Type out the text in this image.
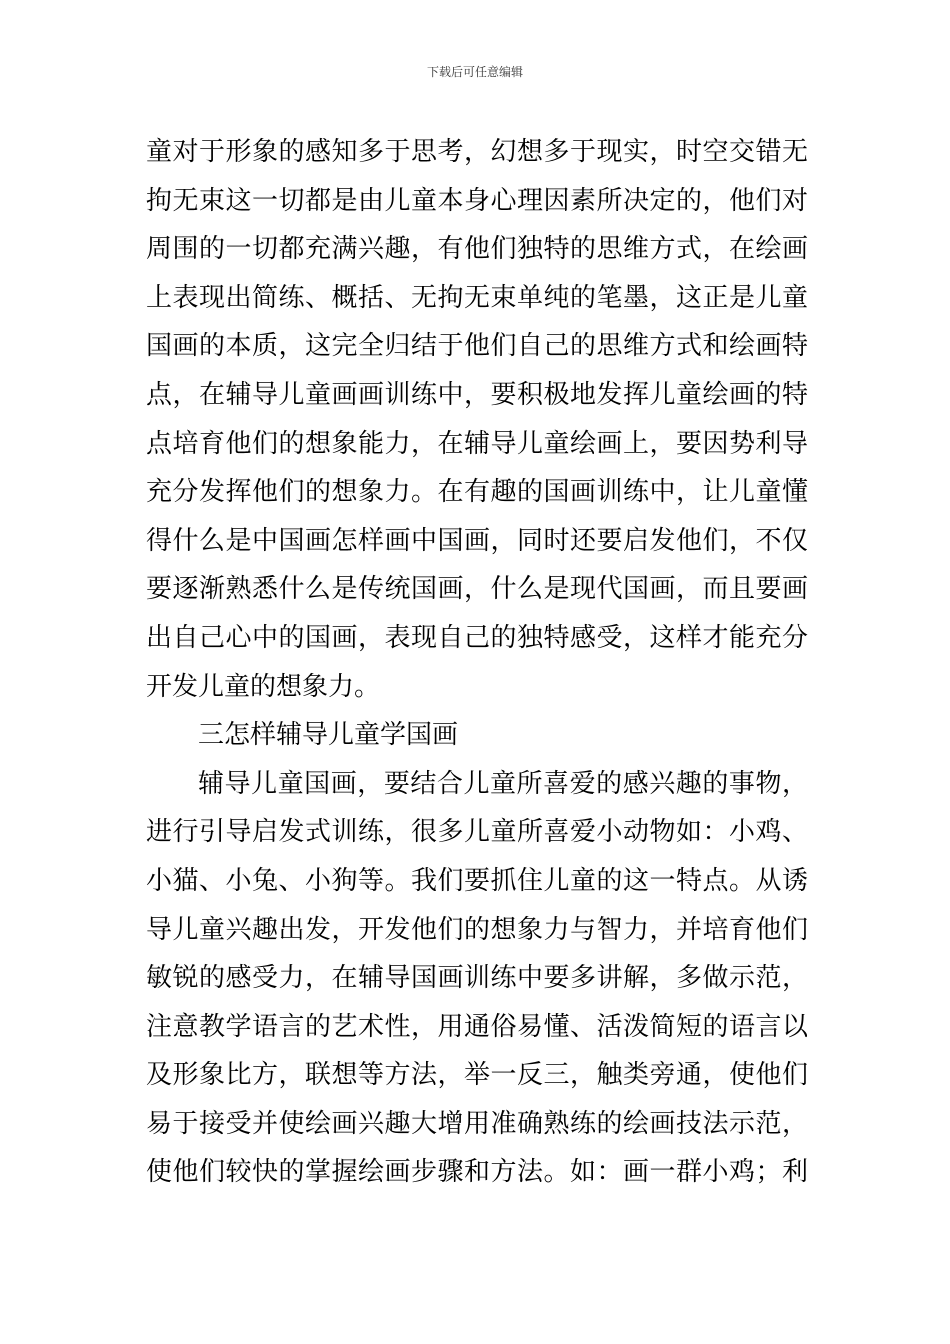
下载后可任意编辑
童对于形象的感知多于思考，幻想多于现实，时空交错无
拘无束这一切都是由儿童本身心理因素所决定的，他们对
周围的一切都充满兴趣，有他们独特的思维方式，在绘画
上表现出简练、概括、无拘无束单纯的笔墨，这正是儿童
国画的本质，这完全归结于他们自己的思维方式和绘画特
点，在辅导儿童画画训练中，要积极地发挥儿童绘画的特
点培育他们的想象能力，在辅导儿童绘画上，要因势利导
充分发挥他们的想象力。在有趣的国画训练中，让儿童懂
得什么是中国画怎样画中国画，同时还要启发他们，不仅
要逐渐熟悉什么是传统国画，什么是现代国画，而且要画
出自己心中的国画，表现自己的独特感受，这样才能充分
开发儿童的想象力。
三怎样辅导儿童学国画
辅导儿童国画，要结合儿童所喜爱的感兴趣的事物，
进行引导启发式训练，很多儿童所喜爱小动物如：小鸡、
小猫、小兔、小狗等。我们要抓住儿童的这一特点。从诱
导儿童兴趣出发，开发他们的想象力与智力，并培育他们
敏锐的感受力，在辅导国画训练中要多讲解，多做示范，
注意教学语言的艺术性，用通俗易懂、活泼简短的语言以
及形象比方，联想等方法，举一反三，触类旁通，使他们
易于接受并使绘画兴趣大增用准确熟练的绘画技法示范，
使他们较快的掌握绘画步骤和方法。如：画一群小鸡；利
